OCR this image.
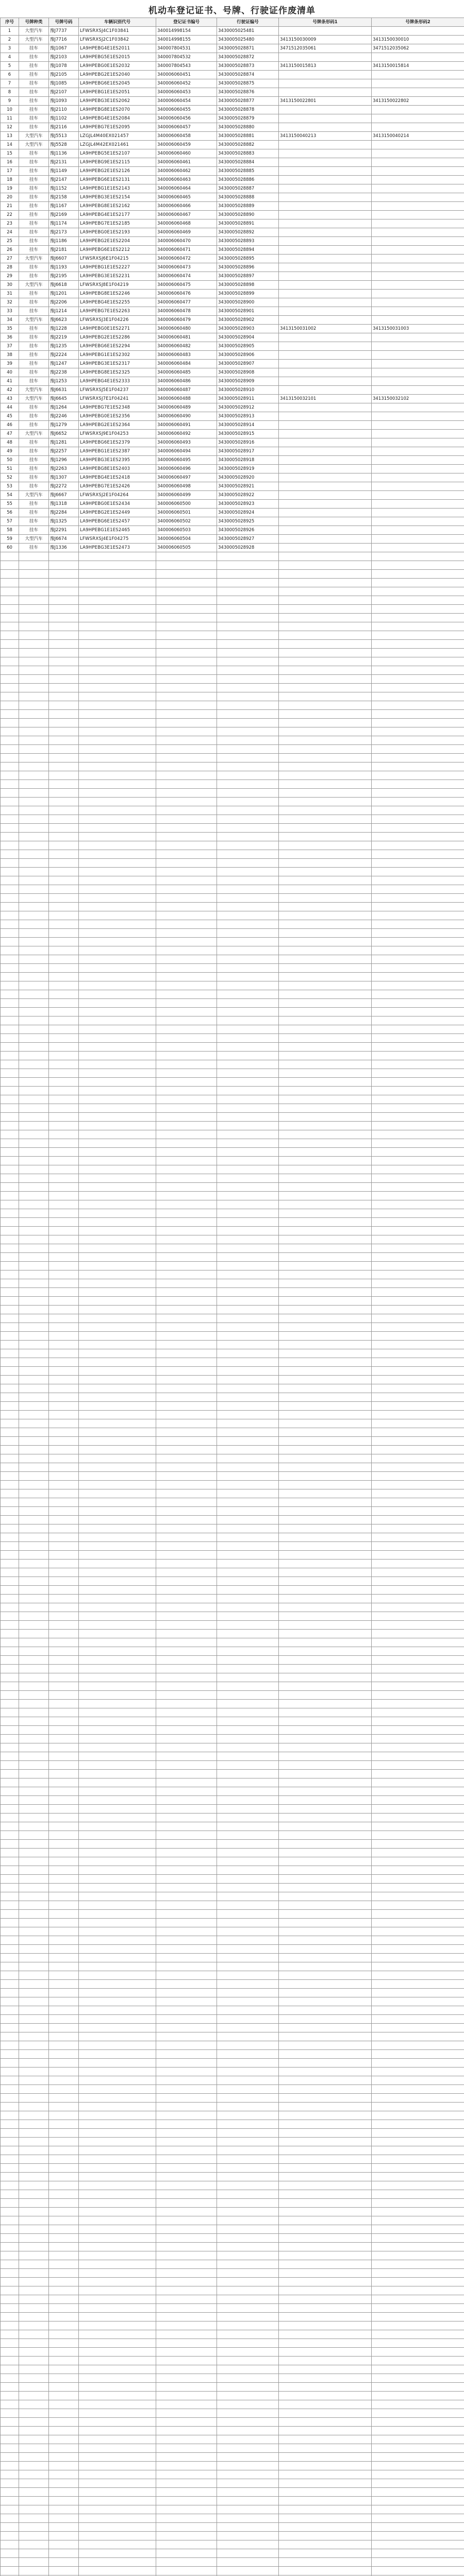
机动车登记证书、号牌、行驶证作废清单
序号	号牌种类	号牌号码	车辆识别代号	登记证书编号	行驶证编号	号牌条形码1	号牌条形码2
1	大型汽车	豫J7737	LFWSRXSJ4C1F03841	340014998154	3430005025481		
2	大型汽车	豫J7716	LFWSRXSJ2C1F03842	340014998155	3430005025480	3413150030009	3413150030010
3	挂车	豫J1067	LA9HPEBG4E1ES2011	340007804531	3430005028871	3471512035061	3471512035062
4	挂车	豫J2103	LA9HPEBG5E1ES2015	340007804532	3430005028872		
5	挂车	豫J1078	LA9HPEBG0E1ES2032	340007804543	3430005028873	3413150015813	3413150015814
6	挂车	豫J2105	LA9HPEBG2E1ES2040	340006060451	3430005028874		
7	挂车	豫J1085	LA9HPEBG6E1ES2045	340006060452	3430005028875		
8	挂车	豫J2107	LA9HPEBG1E1ES2051	340006060453	3430005028876		
9	挂车	豫J1093	LA9HPEBG3E1ES2062	340006060454	3430005028877	3413150022801	3413150022802
10	挂车	豫J2110	LA9HPEBG8E1ES2070	340006060455	3430005028878		
11	挂车	豫J1102	LA9HPEBG4E1ES2084	340006060456	3430005028879		
12	挂车	豫J2116	LA9HPEBG7E1ES2095	340006060457	3430005028880		
13	大型汽车	豫J5513	LZGJL4M40EX021457	340006060458	3430005028881	3413150040213	3413150040214
14	大型汽车	豫J5528	LZGJL4M42EX021461	340006060459	3430005028882		
15	挂车	豫J1136	LA9HPEBG5E1ES2107	340006060460	3430005028883		
16	挂车	豫J2131	LA9HPEBG9E1ES2115	340006060461	3430005028884		
17	挂车	豫J1149	LA9HPEBG2E1ES2126	340006060462	3430005028885		
18	挂车	豫J2147	LA9HPEBG6E1ES2131	340006060463	3430005028886		
19	挂车	豫J1152	LA9HPEBG1E1ES2143	340006060464	3430005028887		
20	挂车	豫J2158	LA9HPEBG3E1ES2154	340006060465	3430005028888		
21	挂车	豫J1167	LA9HPEBG8E1ES2162	340006060466	3430005028889		
22	挂车	豫J2169	LA9HPEBG4E1ES2177	340006060467	3430005028890		
23	挂车	豫J1174	LA9HPEBG7E1ES2185	340006060468	3430005028891		
24	挂车	豫J2173	LA9HPEBG0E1ES2193	340006060469	3430005028892		
25	挂车	豫J1186	LA9HPEBG2E1ES2204	340006060470	3430005028893		
26	挂车	豫J2181	LA9HPEBG6E1ES2212	340006060471	3430005028894		
27	大型汽车	豫J6607	LFWSRXSJ6E1F04215	340006060472	3430005028895		
28	挂车	豫J1193	LA9HPEBG1E1ES2227	340006060473	3430005028896		
29	挂车	豫J2195	LA9HPEBG3E1ES2231	340006060474	3430005028897		
30	大型汽车	豫J6618	LFWSRXSJ8E1F04219	340006060475	3430005028898		
31	挂车	豫J1201	LA9HPEBG8E1ES2246	340006060476	3430005028899		
32	挂车	豫J2206	LA9HPEBG4E1ES2255	340006060477	3430005028900		
33	挂车	豫J1214	LA9HPEBG7E1ES2263	340006060478	3430005028901		
34	大型汽车	豫J6623	LFWSRXSJ3E1F04226	340006060479	3430005028902		
35	挂车	豫J1228	LA9HPEBG0E1ES2271	340006060480	3430005028903	3413150031002	3413150031003
36	挂车	豫J2219	LA9HPEBG2E1ES2286	340006060481	3430005028904		
37	挂车	豫J1235	LA9HPEBG6E1ES2294	340006060482	3430005028905		
38	挂车	豫J2224	LA9HPEBG1E1ES2302	340006060483	3430005028906		
39	挂车	豫J1247	LA9HPEBG3E1ES2317	340006060484	3430005028907		
40	挂车	豫J2238	LA9HPEBG8E1ES2325	340006060485	3430005028908		
41	挂车	豫J1253	LA9HPEBG4E1ES2333	340006060486	3430005028909		
42	大型汽车	豫J6631	LFWSRXSJ5E1F04237	340006060487	3430005028910		
43	大型汽车	豫J6645	LFWSRXSJ7E1F04241	340006060488	3430005028911	3413150032101	3413150032102
44	挂车	豫J1264	LA9HPEBG7E1ES2348	340006060489	3430005028912		
45	挂车	豫J2246	LA9HPEBG0E1ES2356	340006060490	3430005028913		
46	挂车	豫J1279	LA9HPEBG2E1ES2364	340006060491	3430005028914		
47	大型汽车	豫J6652	LFWSRXSJ9E1F04253	340006060492	3430005028915		
48	挂车	豫J1281	LA9HPEBG6E1ES2379	340006060493	3430005028916		
49	挂车	豫J2257	LA9HPEBG1E1ES2387	340006060494	3430005028917		
50	挂车	豫J1296	LA9HPEBG3E1ES2395	340006060495	3430005028918		
51	挂车	豫J2263	LA9HPEBG8E1ES2403	340006060496	3430005028919		
52	挂车	豫J1307	LA9HPEBG4E1ES2418	340006060497	3430005028920		
53	挂车	豫J2272	LA9HPEBG7E1ES2426	340006060498	3430005028921		
54	大型汽车	豫J6667	LFWSRXSJ2E1F04264	340006060499	3430005028922		
55	挂车	豫J1318	LA9HPEBG0E1ES2434	340006060500	3430005028923		
56	挂车	豫J2284	LA9HPEBG2E1ES2449	340006060501	3430005028924		
57	挂车	豫J1325	LA9HPEBG6E1ES2457	340006060502	3430005028925		
58	挂车	豫J2291	LA9HPEBG1E1ES2465	340006060503	3430005028926		
59	大型汽车	豫J6674	LFWSRXSJ4E1F04275	340006060504	3430005028927		
60	挂车	豫J1336	LA9HPEBG3E1ES2473	340006060505	3430005028928		
